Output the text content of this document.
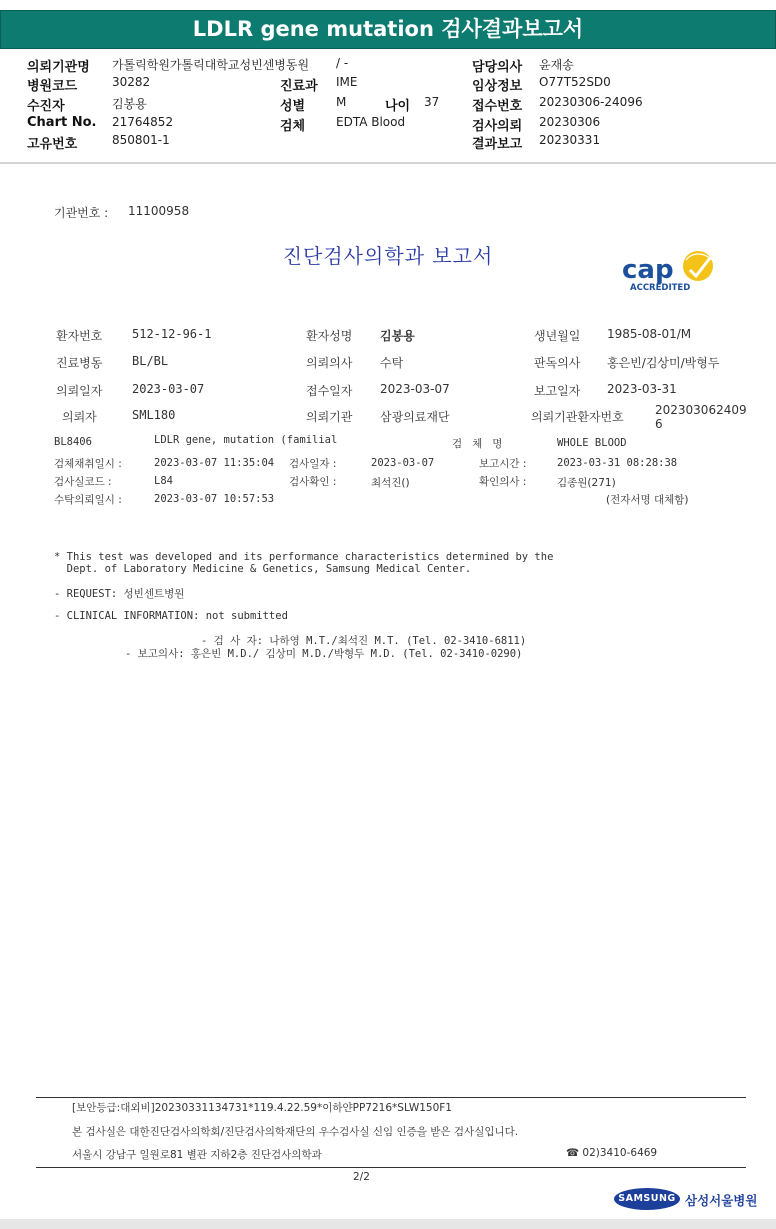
LDLR gene mutation 검사결과보고서
의뢰기관명 가톨릭학원가톨릭대학교성빈센병동원 / -	담당의사 윤재송
병원코드	30282	진료과 IME	임상정보 O77T52SD0
수진자	김봉용	성별	M	나이 37	접수번호 20230306-24096
Chart No. 21764852	검체	EDTA Blood	검사의뢰 20230306
고유번호	850801-1	결과보고 20230331
기관번호 : 11100958
진단검사의학과 보고서	cap
ACCREDITED
환자번호 512-12-96-1	환자성명 김봉용	생년월일 1985-08-01/M
진료병동 BL/BL	의뢰의사 수탁	판독의사 홍은빈/김상미/박형두
의뢰일자 2023-03-07	접수일자 2023-03-07	보고일자 2023-03-31
의뢰자	SML180	의뢰기관 삼광의료재단	의뢰기관환자번호	202303062409
6
BL8406	LDLR gene, mutation (familial	검   체   명	WHOLE BLOOD
검체채취일시 :	2023-03-07 11:35:04 검사일자 :	2023-03-07	보고시간 :	2023-03-31 08:28:38
검사실코드 :	L84	검사확인 :	최석진()	확인의사 :	김종원(271)
수탁의뢰일시 :	2023-03-07 10:57:53	(전자서명 대체함)
* This test was developed and its performance characteristics determined by the
Dept. of Laboratory Medicine & Genetics, Samsung Medical Center.
- REQUEST: 성빈센트병원
- CLINICAL INFORMATION: not submitted
- 검 사 자: 나하영 M.T./최석진 M.T. (Tel. 02-3410-6811)
- 보고의사: 홍은빈 M.D./ 김상미 M.D./박형두 M.D. (Tel. 02-3410-0290)
[보안등급:대외비]20230331134731*119.4.22.59*이하얀PP7216*SLW150F1
본 검사실은 대한진단검사의학회/진단검사의학재단의 우수검사실 신임 인증을 받은 검사실입니다.
서울시 강남구 일원로81 별관 지하2층 진단검사의학과	☎ 02)3410-6469
2/2
SAMSUNG 삼성서울병원
